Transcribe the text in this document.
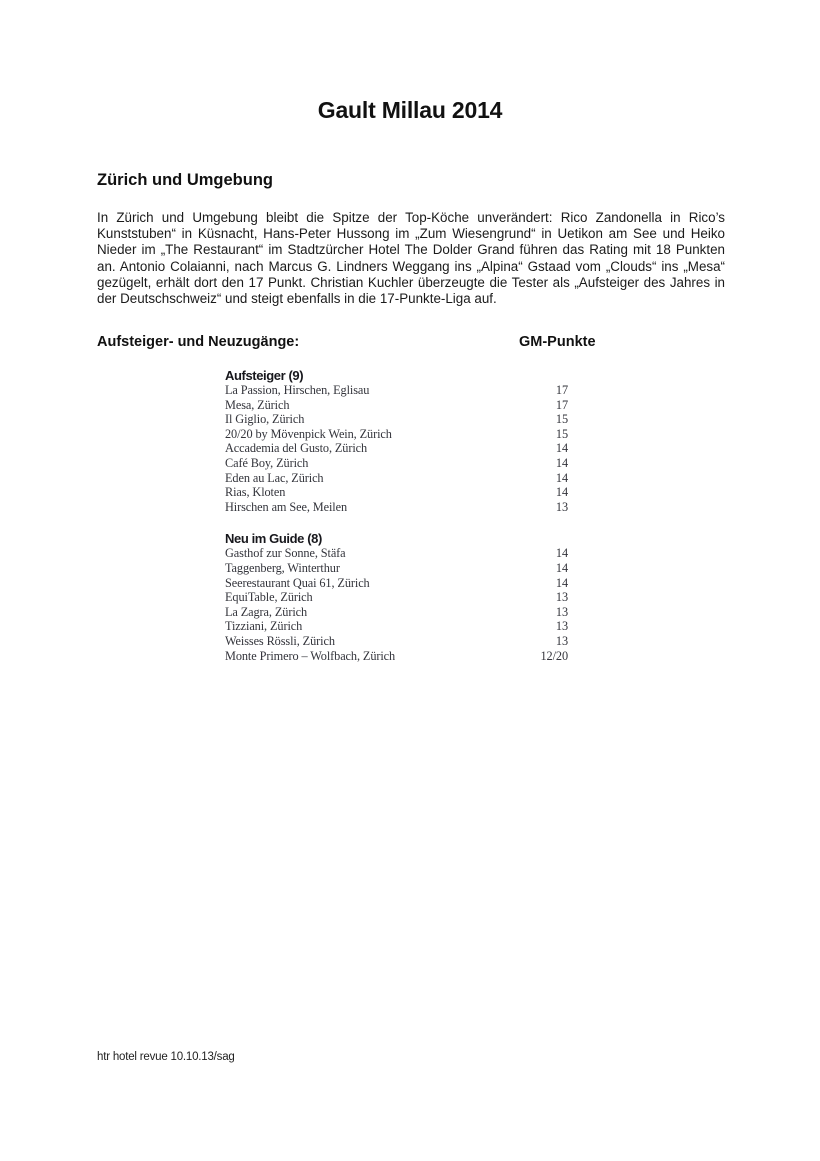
Gault Millau 2014
Zürich und Umgebung

In Zürich und Umgebung bleibt die Spitze der Top-Köche unverändert: Rico Zandonella in Rico’s Kunststuben“ in Küsnacht, Hans-Peter Hussong im „Zum Wiesengrund“ in Uetikon am See und Heiko Nieder im „The Restaurant“ im Stadtzürcher Hotel The Dolder Grand führen das Rating mit 18 Punkten an. Antonio Colaianni, nach Marcus G. Lindners Weggang ins „Alpina“ Gstaad vom „Clouds“ ins „Mesa“ gezügelt, erhält dort den 17 Punkt. Christian Kuchler überzeugte die Tester als „Aufsteiger des Jahres in der Deutschschweiz“ und steigt ebenfalls in die 17-Punkte-Liga auf.

Aufsteiger- und Neuzugänge:	GM-Punkte
Aufsteiger (9)
La Passion, Hirschen, Eglisau	17
Mesa, Zürich	17
Il Giglio, Zürich	15
20/20 by Mövenpick Wein, Zürich	15
Accademia del Gusto, Zürich	14
Café Boy, Zürich	14
Eden au Lac, Zürich	14
Rias, Kloten	14
Hirschen am See, Meilen	13
Neu im Guide (8)
Gasthof zur Sonne, Stäfa	14
Taggenberg, Winterthur	14
Seerestaurant Quai 61, Zürich	14
EquiTable, Zürich	13
La Zagra, Zürich	13
Tizziani, Zürich	13
Weisses Rössli, Zürich	13
Monte Primero – Wolfbach, Zürich	12/20
htr hotel revue 10.10.13/sag
